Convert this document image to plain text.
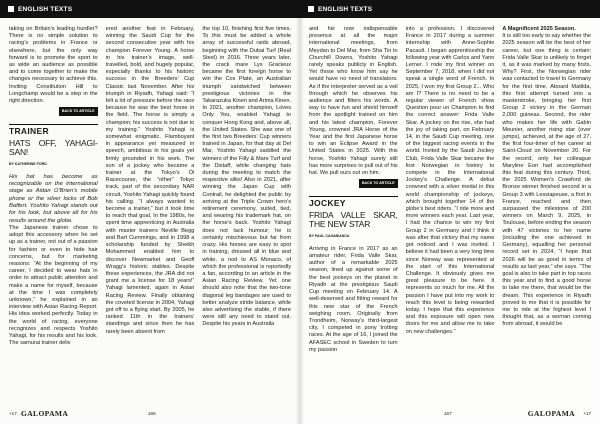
ENGLISH TEXTS

taking on Britain’s leading hurdler? There is no simple solution to racing’s problems in France or elsewhere, but the only way forward is to promote the sport to as wide an audience as possible and to come together to make the changes necessary to achieve this. Inviting Constitution Hill to Longchamp would be a step in the right direction.

BACK TO ARTICLE
TRAINER
HATS OFF, YAHAGI-SAN!
BY KATHERINE FORD

His hat has become as recognizable on the international stage as Aidan O’Brien’s mobile phone or the silver locks of Bob Baffert. Yoshito Yahagi stands out for his look, but above all for his results around the globe.

The Japanese trainer chose to adopt this accessory when he set up as a trainer, not out of a passion for fashion or even to hide hair concerns, but for marketing reasons: “At the beginning of my career, I decided to wear hats in order to attract public attention and make a name for myself, because at the time I was completely unknown,” he explained in an interview with Asian Racing Report. His idea worked perfectly. Today in the world of racing, everyone recognizes and respects Yoshito Yahagi, for his results and his look. The samurai trainer deliv

ered another feat in February, winning the Saudi Cup for the second consecutive year with his champion Forever Young. A horse in his trainer’s image, well-travelled, bold, and hugely popular, especially thanks to his historic success in the Breeders’ Cup Classic last November. After his triumph in Riyadh, Yahagi said: “I felt a lot of pressure before the race because he was the best horse in the field. The horse is simply a champion; his success is not due to my training.” Yoshito Yahagi is somewhat enigmatic. Flamboyant in appearance yet measured in speech, ambitious in his goals yet firmly grounded in his work. The son of a jockey who became a trainer at the Tokyo’s Ōi Racecourse, the “other” Tokyo track, part of the secondary NAR circuit, Yoshito Yahagi quickly found his calling. “I always wanted to become a trainer,” but it took time to reach that goal. In the 1980s, he spent time apprenticing in Australia with master trainers Neville Begg and Bart Cummings, and in 1998 a scholarship funded by Sheikh Mohammed enabled him to discover Newmarket and Geoff Wragg’s historic stables. Despite these experiences, the JRA did not grant me a license for 18 years!” Yahagi lamented, again in Asian Racing Review. Finally obtaining the coveted license in 2004, Yahagi got off to a flying start. By 2005, he ranked 11th in the trainers’ standings and since then he has rarely been absent from

the top 10, finishing first five times. To this must be added a whole array of successful raids abroad, beginning with the Dubai Turf (Real Steel) in 2016. Three years later, the crack mare Lys Gracieux became the first foreign horse to win the Cox Plate, an Australian triumph sandwiched between prestigious victories in the Takarazuka Kinen and Arima Kinen. In 2021, another champion, Loves Only You, enabled Yahagi to conquer Hong Kong and, above all, the United States. She was one of the first two Breeders’ Cup winners trained in Japan, for that day at Del Mar, Yoshito Yahagi saddled the winners of the Filly & Mare Turf and the Distaff, while changing hats during the meeting to match the respective silks! Also in 2021, after winning the Japan Cup with Contrail, he delighted the public by arriving at the Triple Crown hero’s retirement ceremony, suited, tied, and wearing his trademark hat, on the horse’s back. Yoshito Yahagi does not lack humour; he is certainly mischievous but far from crazy. His horses are easy to spot in training, dressed all in blue and white, a nod to AS Monaco, of which the professional is reportedly a fan, according to an article in the Asian Racing Review. Yet one should also note that the two-tone diagonal leg bandages are used to better analyze stride balance, while also advertising the stable, if there were still any need to stand out. Despite his years in Australia

+17 GALOPAMA	166
ENGLISH TEXTS

and his now indispensable presence at all the major international meetings, from Meydan to Del Mar, from Sha Tin to Churchill Downs, Yoshito Yahagi rarely speaks publicly in English. Yet those who know him say he would have no need of translators. As if the interpreter served as a veil through which he observes his audience and filters his words. A way to have fun and shield himself from the spotlight trained on him and his latest champion, Forever Young, crowned JRA Horse of the Year and the first Japanese horse to win an Eclipse Award in the United States in 2025. With this horse, Yoshito Yahagi surely still has more surprises to pull out of his hat. We pull ours out on him.

BACK TO ARTICLE
JOCKEY
FRIDA VALLE SKAR, THE NEW STAR
BY PAUL CASABIANCA

Arriving in France in 2017 as an amateur rider, Frida Valle Skar, author of a remarkable 2025 season, lined up against some of the best jockeys on the planet in Riyadh at the prestigious Saudi Cup meeting on February 14. A well-deserved and fitting reward for this new star of the French weighing room. Originally from Trondheim, Norway’s third-largest city, I competed in pony trotting races. At the age of 16, I joined the AFASEC school in Sweden to turn my passion

into a profession. I discovered France in 2017 during a summer internship with Anne-Sophie Pacault. I began apprenticeship the following year with Carlos and Yann Lerner. I rode my first winner on September 7, 2018, when I did not speak a single word of French. In 2025, I won my first Group 2... Who am I? There is no need to be a regular viewer of French show Question pour un Champion to find the correct answer: Frida Valle Skar. A jockey on the rise, she had the joy of taking part, on February 14, in the Saudi Cup meeting, one of the biggest racing events in the world. Invited by the Saudi Jockey Club, Frida Valle Skar became the first Norwegian in history to compete in the International Jockey’s Challenge. A debut crowned with a silver medal in this world championship of jockeys, which brought together 14 of the globe’s best riders. “I ride more and more winners each year. Last year, I had the chance to win my first Group 2 in Germany and I think it was after that victory that my name got noticed and I was invited. I believe it had been a very long time since Norway was represented at the start of this International Challenge. It obviously gives me great pleasure to be here. It represents so much for me. All the passion I have put into my work to reach this level is being rewarded today. I hope that this experience and this exposure will open new doors for me and allow me to take on new challenges.”

A Magnificent 2025 Season.

It is still too early to say whether the 2025 season will be the best of her career, but one thing is certain: Frida Valle Skar is unlikely to forget it, as it was marked by many firsts. Why? First, the Norwegian rider was contacted to travel to Germany for the first time. Aboard Matilda, this first attempt turned into a masterstroke, bringing her first Group 2 victory in the German 2,000 guineas. Second, the rider who makes her life with Gabin Meunier, another rising star (over jumps), achieved, at the age of 27, the first four-timer of her career at Saint-Cloud on November 20. For the record, only her colleague Maryline Eon had accomplished this feat during this century. Third, the 2025 Women’s Crawford de Bronze winner finished second in a Group 3 with Lessiapeuse, a first in France, reached and then surpassed the milestone of 200 winners on March 9, 2025, in Toulouse, before ending the season with 47 victories to her name (including the one achieved in Germany), equalling her personal record set in 2024. “I hope that 2026 will be as good in terms of results as last year,” she says. “The goal is also to take part in top races this year and to find a good horse to take me there, that would be the dream. This experience in Riyadh proved to me that it is possible for me to ride at the highest level I thought that, as a woman coming from abroad, it would be

167	GALOPAMA +17
